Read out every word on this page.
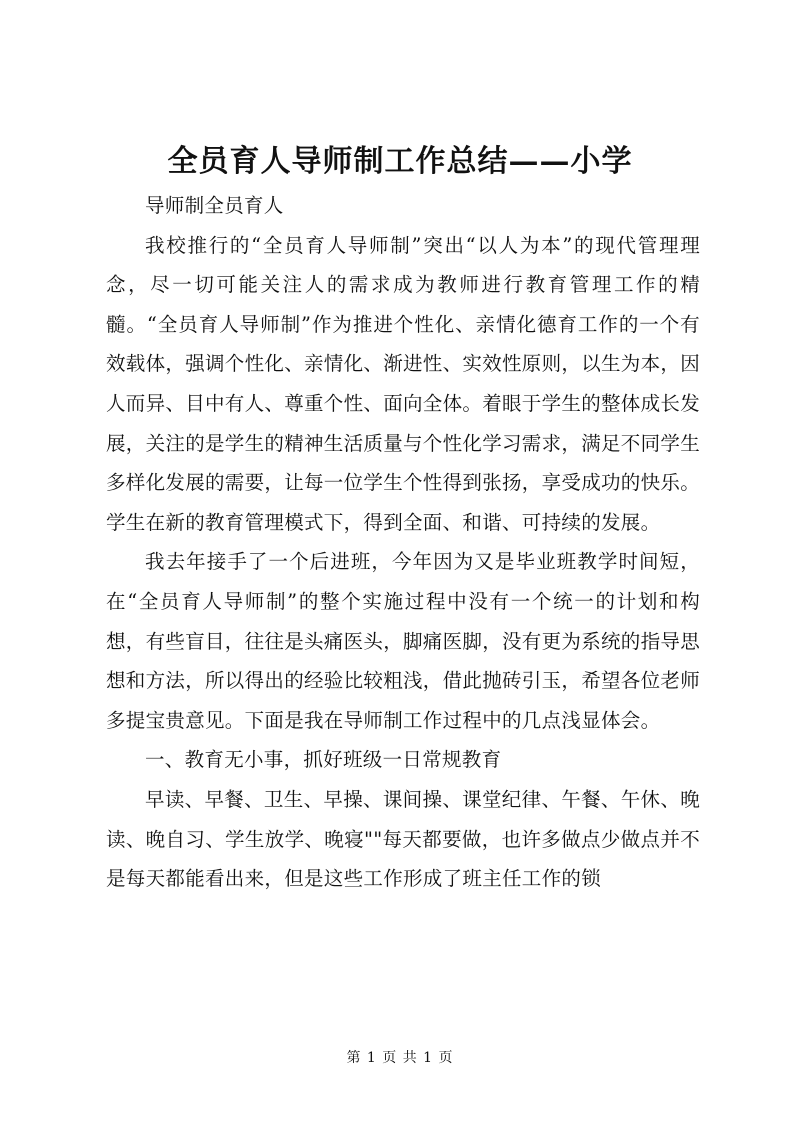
全员育人导师制工作总结——小学

导师制全员育人

我校推行的“全员育人导师制”突出“以人为本”的现代管理理念，尽一切可能关注人的需求成为教师进行教育管理工作的精髓。“全员育人导师制”作为推进个性化、亲情化德育工作的一个有效载体，强调个性化、亲情化、渐进性、实效性原则，以生为本，因人而异、目中有人、尊重个性、面向全体。着眼于学生的整体成长发展，关注的是学生的精神生活质量与个性化学习需求，满足不同学生多样化发展的需要，让每一位学生个性得到张扬，享受成功的快乐。学生在新的教育管理模式下，得到全面、和谐、可持续的发展。

我去年接手了一个后进班，今年因为又是毕业班教学时间短，在“全员育人导师制”的整个实施过程中没有一个统一的计划和构想，有些盲目，往往是头痛医头，脚痛医脚，没有更为系统的指导思想和方法，所以得出的经验比较粗浅，借此抛砖引玉，希望各位老师多提宝贵意见。下面是我在导师制工作过程中的几点浅显体会。

一、教育无小事，抓好班级一日常规教育

早读、早餐、卫生、早操、课间操、课堂纪律、午餐、午休、晚读、晚自习、学生放学、晚寝""每天都要做，也许多做点少做点并不是每天都能看出来，但是这些工作形成了班主任工作的锁

第 1 页 共 1 页
